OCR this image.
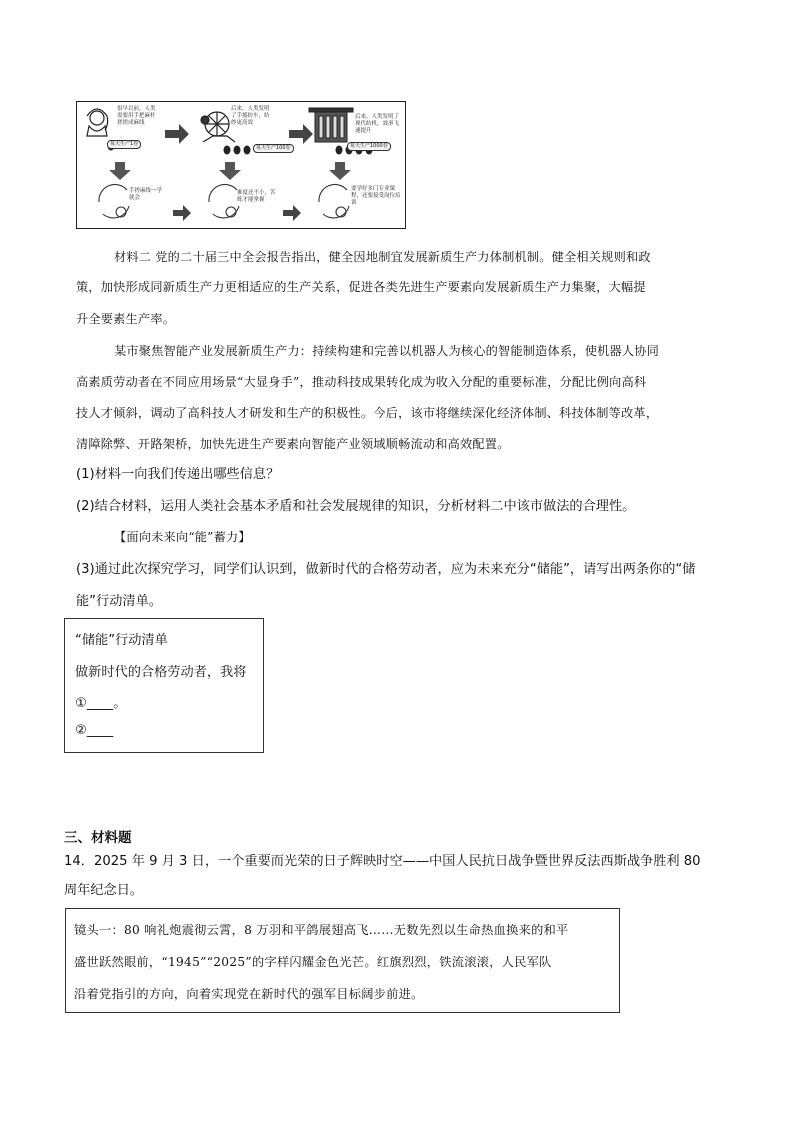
很早以前，人类需要用手把麻杆搓搓成麻线
每天生产1卷
后来，人类发明了手摇纺车，纺纱更高效
每天生产100卷
后来，人类发明了现代纺机，效率飞速提升
每天生产1000卷
手搓麻线一学就会
难度还不小，苦练才能掌握
要学好多门专业课程，还要接受岗位培训
材料二 党的二十届三中全会报告指出，健全因地制宜发展新质生产力体制机制。健全相关规则和政
策，加快形成同新质生产力更相适应的生产关系，促进各类先进生产要素向发展新质生产力集聚，大幅提
升全要素生产率。
某市聚焦智能产业发展新质生产力：持续构建和完善以机器人为核心的智能制造体系，使机器人协同
高素质劳动者在不同应用场景“大显身手”，推动科技成果转化成为收入分配的重要标准，分配比例向高科
技人才倾斜，调动了高科技人才研发和生产的积极性。今后，该市将继续深化经济体制、科技体制等改革，
清障除弊、开路架桥，加快先进生产要素向智能产业领域顺畅流动和高效配置。
(1)材料一向我们传递出哪些信息？
(2)结合材料，运用人类社会基本矛盾和社会发展规律的知识，分析材料二中该市做法的合理性。
【面向未来向“能”蓄力】
(3)通过此次探究学习，同学们认识到，做新时代的合格劳动者，应为未来充分“储能”，请写出两条你的“储
能”行动清单。
“储能”行动清单
做新时代的合格劳动者，我将
①____。
②____
三、材料题
14．2025 年 9 月 3 日，一个重要而光荣的日子辉映时空——中国人民抗日战争暨世界反法西斯战争胜利 80
周年纪念日。
镜头一：80 响礼炮震彻云霄，8 万羽和平鸽展翅高飞……无数先烈以生命热血换来的和平
盛世跃然眼前，“1945”“2025”的字样闪耀金色光芒。红旗烈烈，铁流滚滚，人民军队
沿着党指引的方向，向着实现党在新时代的强军目标阔步前进。
